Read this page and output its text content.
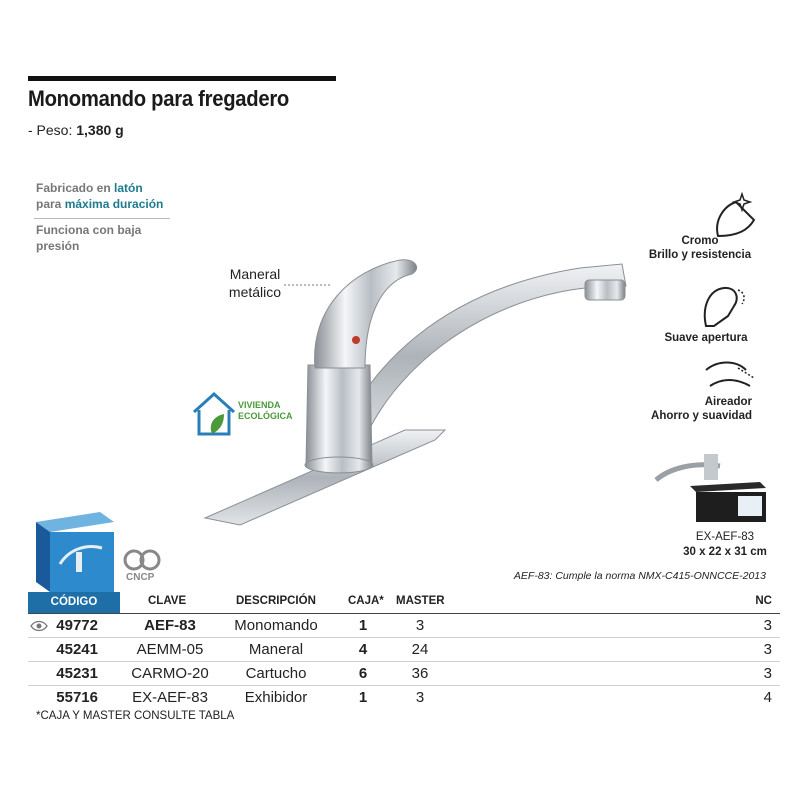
Monomando para fregadero
- Peso: 1,380 g
Fabricado en latón
para máxima duración
Funciona con baja
presión
Maneral
metálico
VIVIENDA
ECOLÓGICA
Cromo
Brillo y resistencia
Suave apertura
Aireador
Ahorro y suavidad
EX-AEF-83
30 x 22 x 31 cm
CNCP	AEF-83: Cumple la norma NMX-C415-ONNCCE-2013
CÓDIGO	CLAVE	DESCRIPCIÓN	CAJA* MASTER	NC
49772	AEF-83	Monomando	1	3	3
45241	AEMM-05	Maneral	4	24	3
45231	CARMO-20	Cartucho	6	36	3
55716	EX-AEF-83	Exhibidor	1	3	4
*CAJA Y MASTER CONSULTE TABLA
